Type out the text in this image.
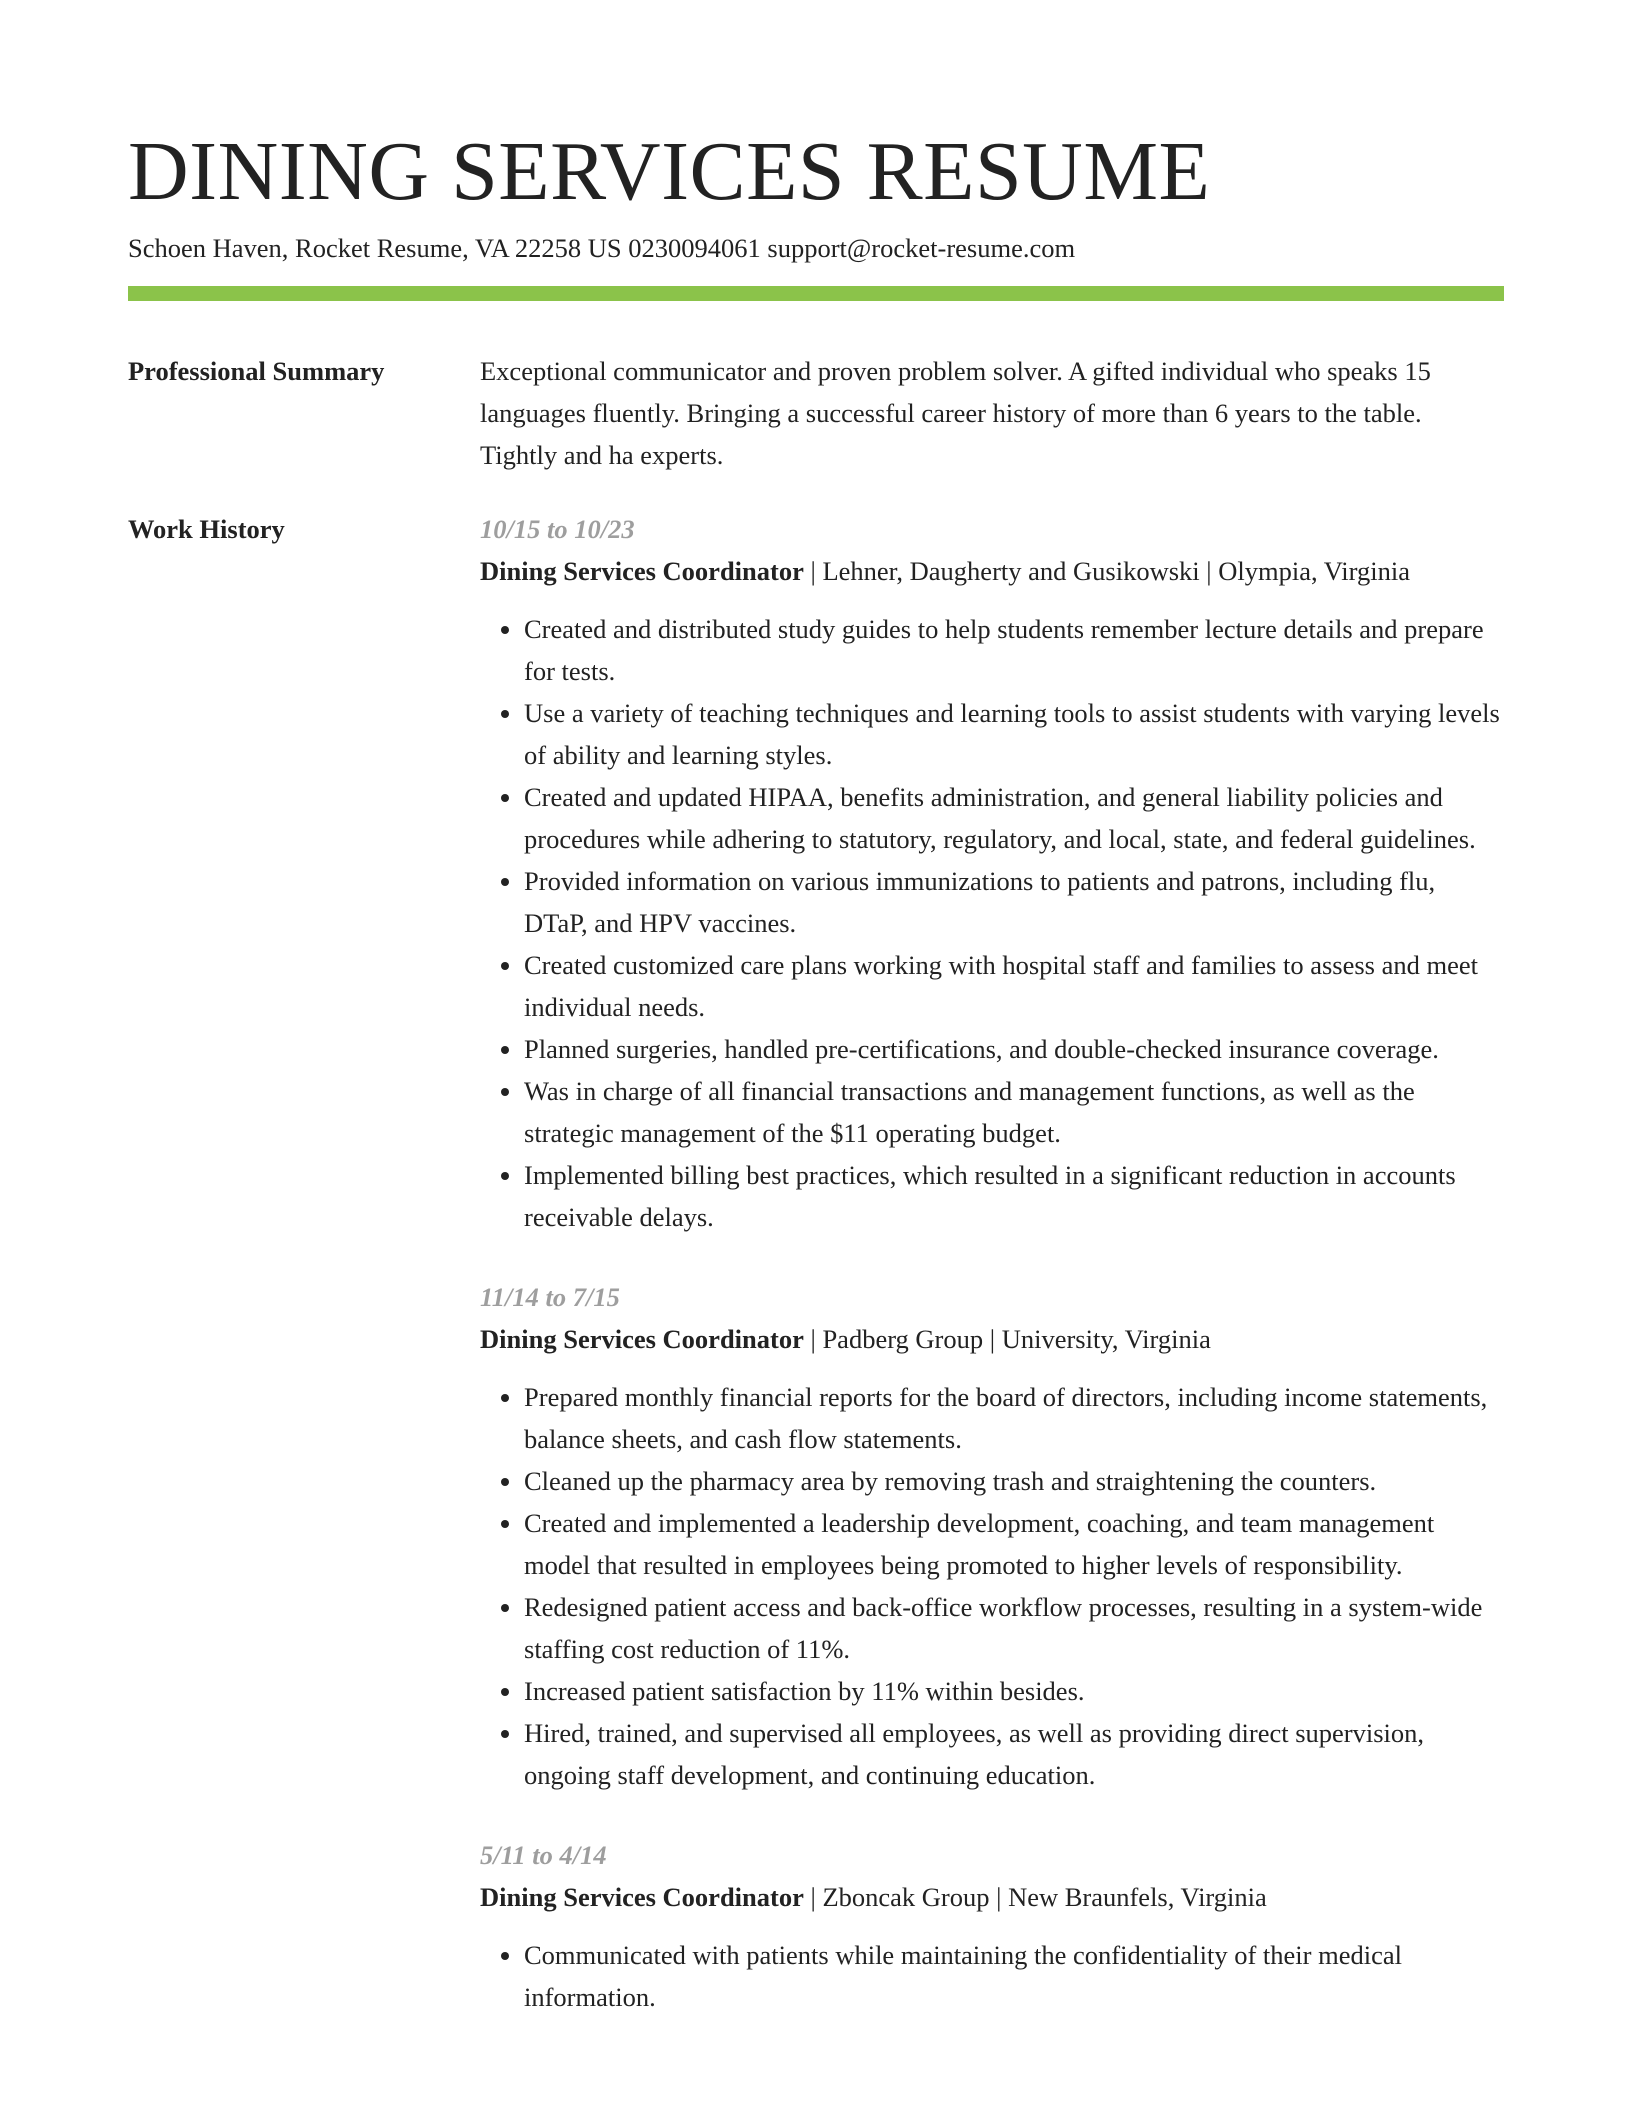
DINING SERVICES RESUME
Schoen Haven, Rocket Resume, VA 22258 US 0230094061 support@rocket-resume.com
Professional Summary	Exceptional communicator and proven problem solver. A gifted individual who speaks 15 languages fluently. Bringing a successful career history of more than 6 years to the table. Tightly and ha experts.

Work History	10/15 to 10/23
Dining Services Coordinator | Lehner, Daugherty and Gusikowski | Olympia, Virginia
• Created and distributed study guides to help students remember lecture details and prepare for tests.
• Use a variety of teaching techniques and learning tools to assist students with varying levels of ability and learning styles.
• Created and updated HIPAA, benefits administration, and general liability policies and procedures while adhering to statutory, regulatory, and local, state, and federal guidelines.
• Provided information on various immunizations to patients and patrons, including flu, DTaP, and HPV vaccines.
• Created customized care plans working with hospital staff and families to assess and meet individual needs.
• Planned surgeries, handled pre-certifications, and double-checked insurance coverage.
• Was in charge of all financial transactions and management functions, as well as the strategic management of the $11 operating budget.
• Implemented billing best practices, which resulted in a significant reduction in accounts receivable delays.
11/14 to 7/15
Dining Services Coordinator | Padberg Group | University, Virginia
• Prepared monthly financial reports for the board of directors, including income statements, balance sheets, and cash flow statements.
• Cleaned up the pharmacy area by removing trash and straightening the counters.
• Created and implemented a leadership development, coaching, and team management model that resulted in employees being promoted to higher levels of responsibility.
• Redesigned patient access and back-office workflow processes, resulting in a system-wide staffing cost reduction of 11%.
• Increased patient satisfaction by 11% within besides.
• Hired, trained, and supervised all employees, as well as providing direct supervision, ongoing staff development, and continuing education.
5/11 to 4/14
Dining Services Coordinator | Zboncak Group | New Braunfels, Virginia
• Communicated with patients while maintaining the confidentiality of their medical information.
